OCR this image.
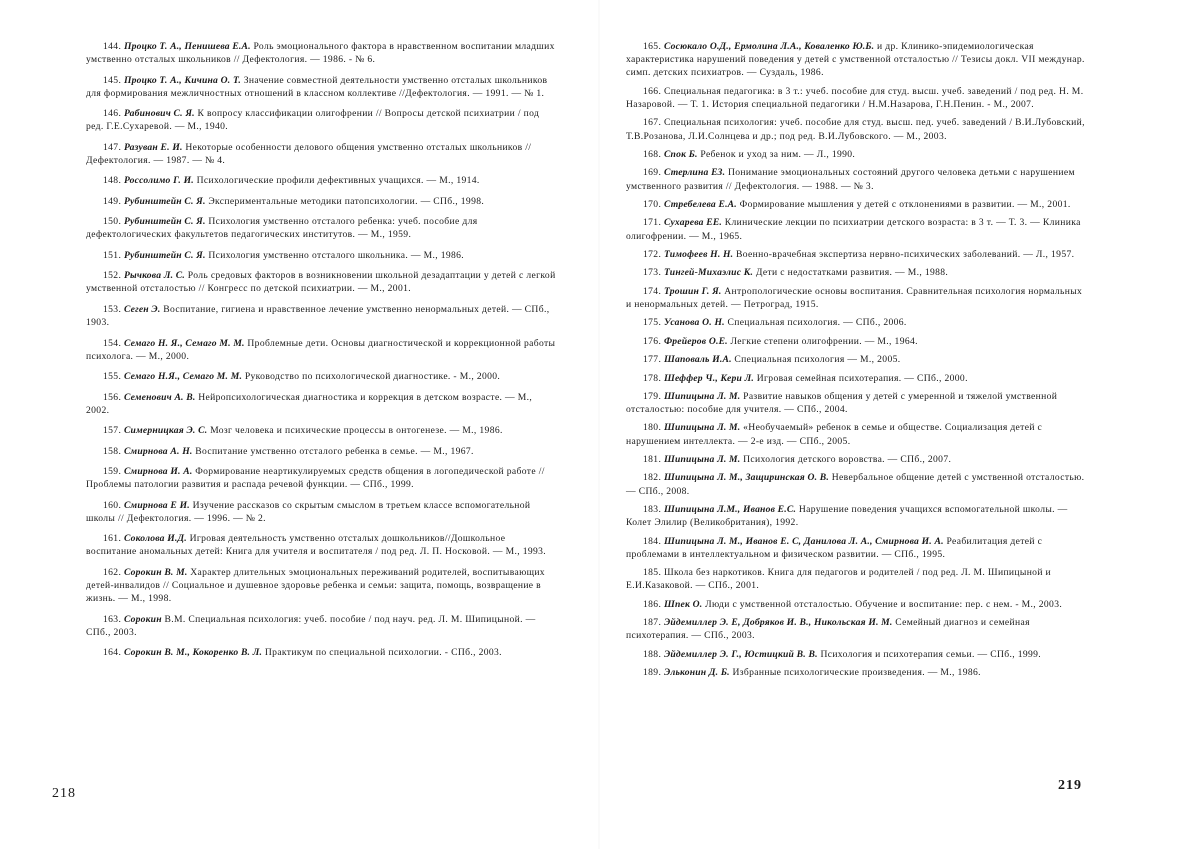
144. Процко Т. А., Пенишева Е.А. Роль эмоционального фактора в нравственном воспитании младших умственно отсталых школьников // Дефектология. — 1986. - № 6.

145. Процко Т. А., Кичина О. Т. Значение совместной деятельности умственно отсталых школьников для формирования межличностных отношений в классном коллективе //Дефектология. — 1991. — № 1.

146. Рабинович С. Я. К вопросу классификации олигофрении // Вопросы детской психиатрии / под ред. Г.Е.Сухаревой. — М., 1940.

147. Разуван Е. И. Некоторые особенности делового общения умственно отсталых школьников // Дефектология. — 1987. — № 4.

148. Россолимо Г. И. Психологические профили дефективных учащихся. — М., 1914.

149. Рубинштейн С. Я. Экспериментальные методики патопсихологии. — СПб., 1998.

150. Рубинштейн С. Я. Психология умственно отсталого ребенка: учеб. пособие для дефектологических факультетов педагогических институтов. — М., 1959.

151. Рубинштейн С. Я. Психология умственно отсталого школьника. — М., 1986.

152. Рычкова Л. С. Роль средовых факторов в возникновении школьной дезадаптации у детей с легкой умственной отсталостью // Конгресс по детской психиатрии. — М., 2001.

153. Сеген Э. Воспитание, гигиена и нравственное лечение умственно ненормальных детей. — СПб., 1903.

154. Семаго Н. Я., Семаго М. М. Проблемные дети. Основы диагностической и коррекционной работы психолога. — М., 2000.

155. Семаго Н.Я., Семаго М. М. Руководство по психологической диагностике. - М., 2000.

156. Семенович А. В. Нейропсихологическая диагностика и коррекция в детском возрасте. — М., 2002.

157. Симерницкая Э. С. Мозг человека и психические процессы в онтогенезе. — М., 1986.

158. Смирнова А. Н. Воспитание умственно отсталого ребенка в семье. — М., 1967.

159. Смирнова И. А. Формирование неартикулируемых средств общения в логопедической работе // Проблемы патологии развития и распада речевой функции. — СПб., 1999.

160. Смирнова Е И. Изучение рассказов со скрытым смыслом в третьем классе вспомогательной школы // Дефектология. — 1996. — № 2.

161. Соколова И.Д. Игровая деятельность умственно отсталых дошкольников//Дошкольное воспитание аномальных детей: Книга для учителя и воспитателя / под ред. Л. П. Носковой. — М., 1993.

162. Сорокин В. М. Характер длительных эмоциональных переживаний родителей, воспитывающих детей-инвалидов // Социальное и душевное здоровье ребенка и семьи: защита, помощь, возвращение в жизнь. — М., 1998.

163. Сорокин В.М. Специальная психология: учеб. пособие / под науч. ред. Л. М. Шипицыной. — СПб., 2003.

164. Сорокин В. М., Кокоренко В. Л. Практикум по специальной психологии. - СПб., 2003.

218

165. Сосюкало О.Д., Ермолина Л.А., Коваленко Ю.Б. и др. Клинико-эпидемиологическая характеристика нарушений поведения у детей с умственной отсталостью // Тезисы докл. VII междунар. симп. детских психиатров. — Суздаль, 1986.

166. Специальная педагогика: в 3 т.: учеб. пособие для студ. высш. учеб. заведений / под ред. Н. М. Назаровой. — Т. 1. История специальной педагогики / Н.М.Назарова, Г.Н.Пенин. - М., 2007.

167. Специальная психология: учеб. пособие для студ. высш. пед. учеб. заведений / В.И.Лубовский, Т.В.Розанова, Л.И.Солнцева и др.; под ред. В.И.Лубовского. — М., 2003.

168. Спок Б. Ребенок и уход за ним. — Л., 1990.

169. Стерлина ЕЗ. Понимание эмоциональных состояний другого человека детьми с нарушением умственного развития // Дефектология. — 1988. — № 3.

170. Стребелева Е.А. Формирование мышления у детей с отклонениями в развитии. — М., 2001.

171. Сухарева ЕЕ. Клинические лекции по психиатрии детского возраста: в 3 т. — Т. 3. — Клиника олигофрении. — М., 1965.

172. Тимофеев Н. Н. Военно-врачебная экспертиза нервно-психических заболеваний. — Л., 1957.

173. Тингей-Михаэлис К. Дети с недостатками развития. — М., 1988.

174. Трошин Г. Я. Антропологические основы воспитания. Сравнительная психология нормальных и ненормальных детей. — Петроград, 1915.

175. Усанова О. Н. Специальная психология. — СПб., 2006.

176. Фрейеров О.Е. Легкие степени олигофрении. — М., 1964.

177. Шаповаль И.А. Специальная психология — М., 2005.

178. Шеффер Ч., Кери Л. Игровая семейная психотерапия. — СПб., 2000.

179. Шипицына Л. М. Развитие навыков общения у детей с умеренной и тяжелой умственной отсталостью: пособие для учителя. — СПб., 2004.

180. Шипицына Л. М. «Необучаемый» ребенок в семье и обществе. Социализация детей с нарушением интеллекта. — 2-е изд. — СПб., 2005.

181. Шипицына Л. М. Психология детского воровства. — СПб., 2007.

182. Шипицына Л. М., Защиринская О. В. Невербальное общение детей с умственной отсталостью. — СПб., 2008.

183. Шипицына Л.М., Иванов Е.С. Нарушение поведения учащихся вспомогательной школы. — Колет Элилир (Великобритания), 1992.

184. Шипицына Л. М., Иванов Е. С, Данилова Л. А., Смирнова И. А. Реабилитация детей с проблемами в интеллектуальном и физическом развитии. — СПб., 1995.

185. Школа без наркотиков. Книга для педагогов и родителей / под ред. Л. М. Шипицыной и Е.И.Казаковой. — СПб., 2001.

186. Шпек О. Люди с умственной отсталостью. Обучение и воспитание: пер. с нем. - М., 2003.

187. Эйдемиллер Э. Е, Добряков И. В., Никольская И. М. Семейный диагноз и семейная психотерапия. — СПб., 2003.

188. Эйдемиллер Э. Г., Юстицкий В. В. Психология и психотерапия семьи. — СПб., 1999.

189. Эльконин Д. Б. Избранные психологические произведения. — М., 1986.

219
